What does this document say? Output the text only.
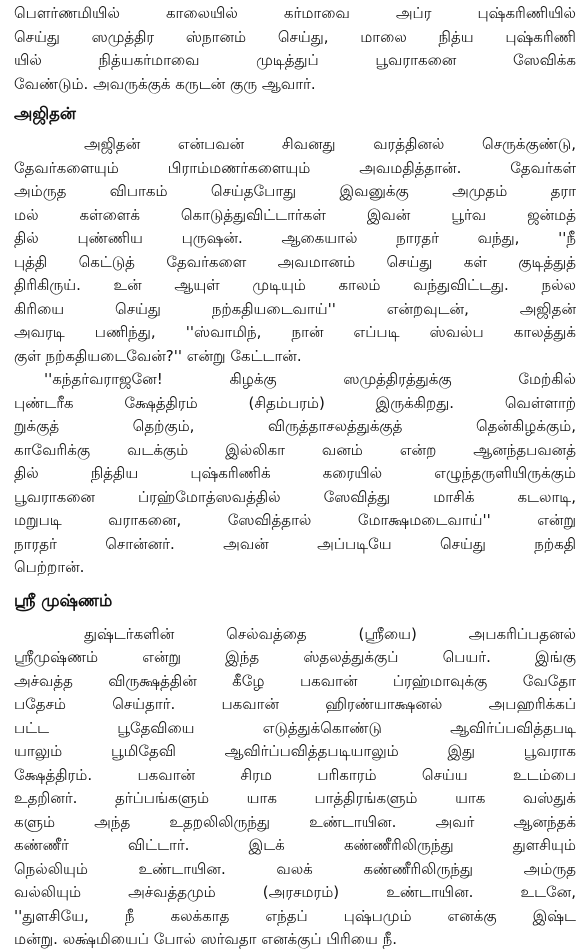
பௌர்ணமியில் காலையில் கர்மாவை அப்ர புஷ்கரிணியில்
செய்து ஸமுத்திர ஸ்நானம் செய்து, மாலை நித்ய புஷ்கரிணி
யில் நித்யகர்மாவை முடித்துப் பூவராகனை ஸேவிக்க
வேண்டும். அவருக்குக் கருடன் குரு ஆவார்.
அஜிதன்
அஜிதன் என்பவன் சிவனது வரத்தினல் செருக்குண்டு,
தேவர்களையும் பிராம்மணர்களையும் அவமதித்தான். தேவர்கள்
அம்ருத விபாகம் செய்தபோது இவனுக்கு அமுதம் தரா
மல் கள்ளைக் கொடுத்துவிட்டார்கள் இவன் பூர்வ ஜன்மத்
தில் புண்ணிய புருஷன். ஆகையால் நாரதர் வந்து, ''நீ
புத்தி கெட்டுத் தேவர்களை அவமானம் செய்து கள் குடித்துத்
திரிகிருய். உன் ஆயுள் முடியும் காலம் வந்துவிட்டது. நல்ல
கிரியை செய்து நற்கதியடைவாய்'' என்றவுடன், அஜிதன்
அவரடி பணிந்து, ''ஸ்வாமிந், நான் எப்படி ஸ்வல்ப காலத்துக்
குள் நற்கதியடைவேன்?'' என்று கேட்டான்.
''கந்தர்வராஜனே! கிழக்கு ஸமுத்திரத்துக்கு மேற்கில்
புண்டரீக க்ஷேத்திரம் (சிதம்பரம்) இருக்கிறது. வெள்ளாற்
றுக்குத் தெற்கும், விருத்தாசலத்துக்குத் தென்கிழக்கும்,
காவேரிக்கு வடக்கும் இல்லிகா வனம் என்ற ஆனந்தபவனத்
தில் நித்திய புஷ்கரிணிக் கரையில் எழுந்தருளியிருக்கும்
பூவராகனை ப்ரஹ்மோத்ஸவத்தில் ஸேவித்து மாசிக் கடலாடி,
மறுபடி வராகனை, ஸேவித்தால் மோக்ஷமடைவாய்'' என்று
நாரதர் சொன்னர். அவன் அப்படியே செய்து நற்கதி
பெற்றான்.
ஸ்ரீ முஷ்ணம்
துஷ்டர்களின் செல்வத்தை (ஸ்ரீயை) அபகரிப்பதனல்
ஸ்ரீமுஷ்ணம் என்று இந்த ஸ்தலத்துக்குப் பெயர். இங்கு
அச்வத்த விருக்ஷத்தின் கீழே பகவான் ப்ரஹ்மாவுக்கு வேதோ
பதேசம் செய்தார். பகவான் ஹிரண்யாக்ஷனல் அபஹரிக்கப்
பட்ட பூதேவியை எடுத்துக்கொண்டு ஆவிர்ப்பவித்தபடி
யாலும் பூமிதேவி ஆவிர்ப்பவித்தபடியாலும் இது பூவராக
க்ஷேத்திரம். பகவான் சிரம பரிகாரம் செய்ய உடம்பை
உதறினர். தர்ப்பங்களும் யாக பாத்திரங்களும் யாக வஸ்துக்
களும் அந்த உதறலிலிருந்து உண்டாயின. அவர் ஆனந்தக்
கண்ணீர் விட்டார். இடக் கண்ணீரிலிருந்து துளசியும்
நெல்லியும் உண்டாயின. வலக் கண்ணீரிலிருந்து அம்ருத
வல்லியும் அச்வத்தமும் (அரசமரம்) உண்டாயின. உடனே,
''துளசியே, நீ கலக்காத எந்தப் புஷ்பமும் எனக்கு இஷ்ட
மன்று. லக்ஷ்மியைப் போல் ஸர்வதா எனக்குப் பிரியை நீ.
